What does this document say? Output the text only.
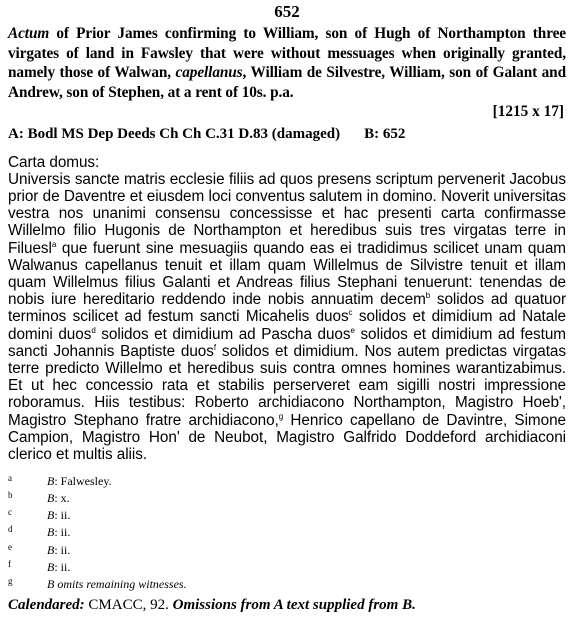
652
Actum of Prior James confirming to William, son of Hugh of Northampton three virgates of land in Fawsley that were without messuages when originally granted, namely those of Walwan, capellanus, William de Silvestre, William, son of Galant and Andrew, son of Stephen, at a rent of 10s. p.a.
[1215 x 17]
A: Bodl MS Dep Deeds Ch Ch C.31 D.83 (damaged) B: 652
Carta domus:
Universis sancte matris ecclesie filiis ad quos presens scriptum pervenerit Jacobus prior de Daventre et eiusdem loci conventus salutem in domino. Noverit universitas vestra nos unanimi consensu concessisse et hac presenti carta confirmasse Willelmo filio Hugonis de Northampton et heredibus suis tres virgatas terre in Filuesl$^a$ que fuerunt sine mesuagiis quando eas ei tradidimus scilicet unam quam Walwanus capellanus tenuit et illam quam Willelmus de Silvistre tenuit et illam quam Willelmus filius Galanti et Andreas filius Stephani tenuerunt: tenendas de nobis iure hereditario reddendo inde nobis annuatim decem$^b$ solidos ad quatuor terminos scilicet ad festum sancti Micahelis duos$^c$ solidos et dimidium ad Natale domini duos$^d$ solidos et dimidium ad Pascha duos$^e$ solidos et dimidium ad festum sancti Johannis Baptiste duos$^f$ solidos et dimidium. Nos autem predictas virgatas terre predicto Willelmo et heredibus suis contra omnes homines warantizabimus. Et ut hec concessio rata et stabilis perserveret eam sigilli nostri impressione roboramus. Hiis testibus: Roberto archidiacono Northampton, Magistro Hoeb', Magistro Stephano fratre archidiacono,$^g$ Henrico capellano de Davintre, Simone Campion, Magistro Hon' de Neubot, Magistro Galfrido Doddeford archidiaconi clerico et multis aliis.
a	B: Falwesley.
b	B: x.
c	B: ii.
d	B: ii.
e	B: ii.
f	B: ii.
g	B omits remaining witnesses.
Calendared: CMACC, 92. Omissions from A text supplied from B.
